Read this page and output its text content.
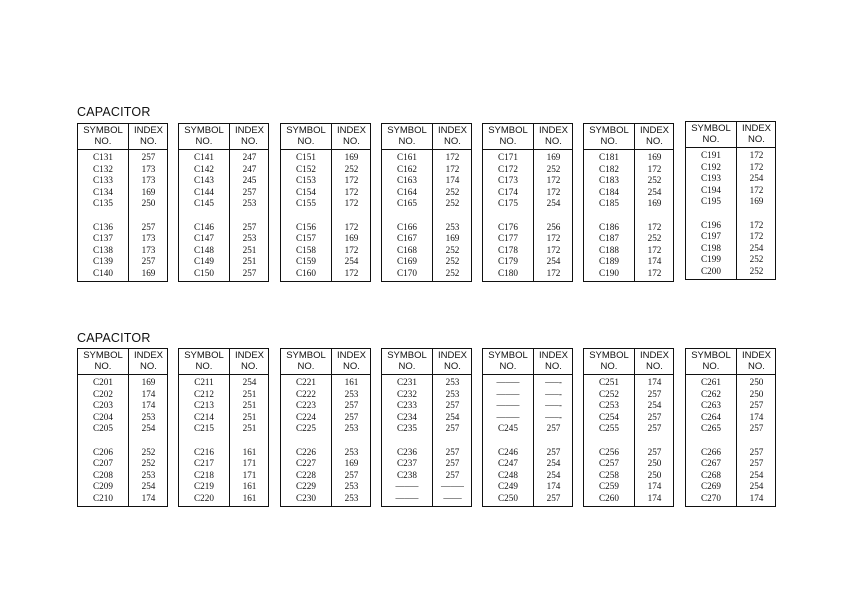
CAPACITOR
SYMBOL
NO.
INDEX
NO.
C131
C132
C133
C134
C135
C136
C137
C138
C139
C140
257
173
173
169
250
257
173
173
257
169
SYMBOL
NO.
INDEX
NO.
C141
C142
C143
C144
C145
C146
C147
C148
C149
C150
247
247
245
257
253
257
253
251
251
257
SYMBOL
NO.
INDEX
NO.
C151
C152
C153
C154
C155
C156
C157
C158
C159
C160
169
252
172
172
172
172
169
172
254
172
SYMBOL
NO.
INDEX
NO.
C161
C162
C163
C164
C165
C166
C167
C168
C169
C170
172
172
174
252
252
253
169
252
252
252
SYMBOL
NO.
INDEX
NO.
C171
C172
C173
C174
C175
C176
C177
C178
C179
C180
169
252
172
172
254
256
172
172
254
172
SYMBOL
NO.
INDEX
NO.
C181
C182
C183
C184
C185
C186
C187
C188
C189
C190
169
172
252
254
169
172
252
172
174
172
SYMBOL
NO.
INDEX
NO.
C191
C192
C193
C194
C195
C196
C197
C198
C199
C200
172
172
254
172
169
172
172
254
252
252
CAPACITOR
SYMBOL
NO.
INDEX
NO.
C201
C202
C203
C204
C205
C206
C207
C208
C209
C210
169
174
174
253
254
252
252
253
254
174
SYMBOL
NO.
INDEX
NO.
C211
C212
C213
C214
C215
C216
C217
C218
C219
C220
254
251
251
251
251
161
171
171
161
161
SYMBOL
NO.
INDEX
NO.
C221
C222
C223
C224
C225
C226
C227
C228
C229
C230
161
253
257
257
253
253
169
257
253
253
SYMBOL
NO.
INDEX
NO.
C231
C232
C233
C234
C235
C236
C237
C238
—–—
—–—
253
253
257
254
257
257
257
257
—–—
——
SYMBOL
NO.
INDEX
NO.
—–—
—–—
—–—
—–—
C245
C246
C247
C248
C249
C250
—–-
—–-
—–-
—–-
257
257
254
254
174
257
SYMBOL
NO.
INDEX
NO.
C251
C252
C253
C254
C255
C256
C257
C258
C259
C260
174
257
254
257
257
257
250
250
174
174
SYMBOL
NO.
INDEX
NO.
C261
C262
C263
C264
C265
C266
C267
C268
C269
C270
250
250
257
174
257
257
257
254
254
174
